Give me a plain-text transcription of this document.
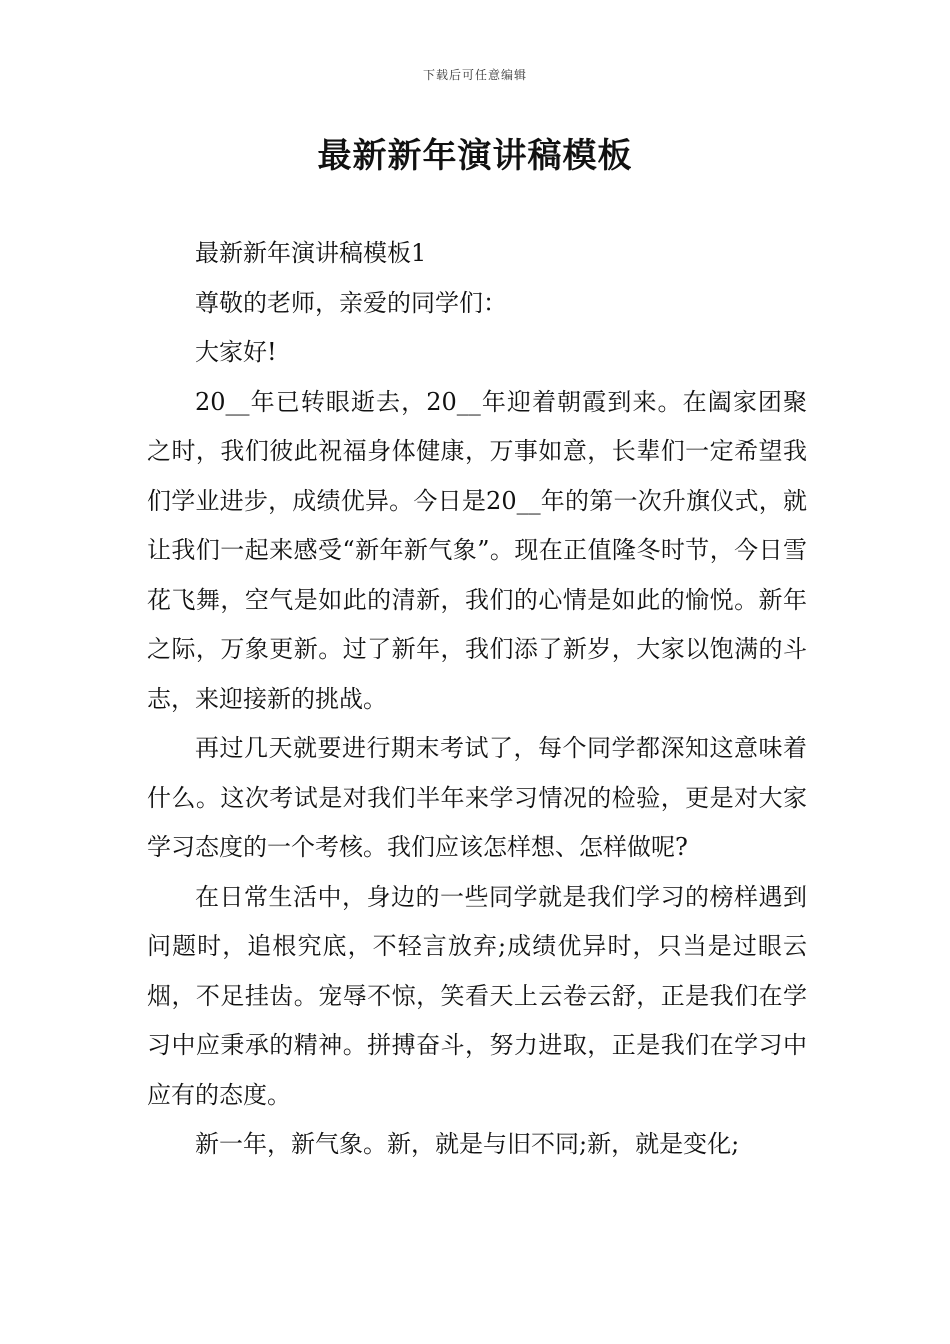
下载后可任意编辑
最新新年演讲稿模板

最新新年演讲稿模板1

尊敬的老师，亲爱的同学们：

大家好!

20__年已转眼逝去，20__年迎着朝霞到来。在阖家团聚之时，我们彼此祝福身体健康，万事如意，长辈们一定希望我们学业进步，成绩优异。今日是20__年的第一次升旗仪式，就让我们一起来感受“新年新气象”。现在正值隆冬时节，今日雪花飞舞，空气是如此的清新，我们的心情是如此的愉悦。新年之际，万象更新。过了新年，我们添了新岁，大家以饱满的斗志，来迎接新的挑战。

再过几天就要进行期末考试了，每个同学都深知这意味着什么。这次考试是对我们半年来学习情况的检验，更是对大家学习态度的一个考核。我们应该怎样想、怎样做呢?

在日常生活中，身边的一些同学就是我们学习的榜样遇到问题时，追根究底，不轻言放弃;成绩优异时，只当是过眼云烟，不足挂齿。宠辱不惊，笑看天上云卷云舒，正是我们在学习中应秉承的精神。拼搏奋斗，努力进取，正是我们在学习中应有的态度。

新一年，新气象。新，就是与旧不同;新，就是变化;
